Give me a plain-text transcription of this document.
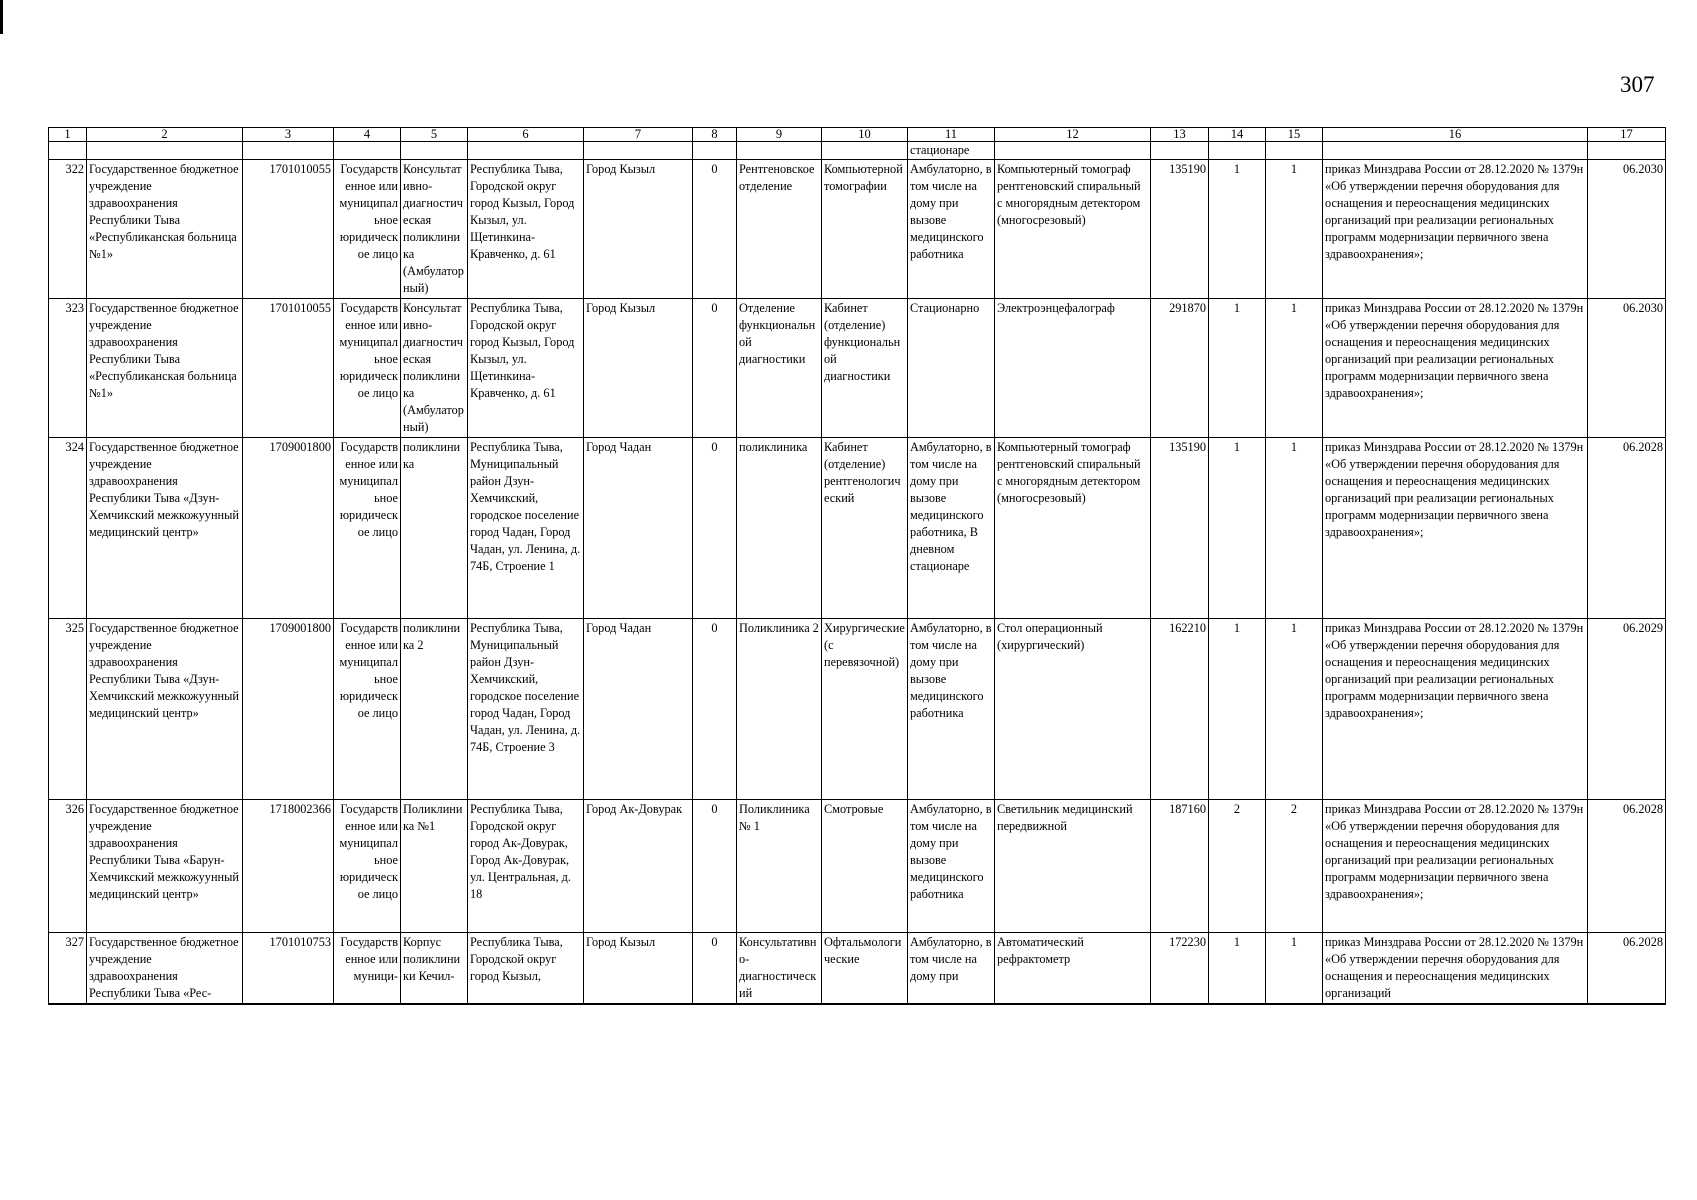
307
1	2	3	4	5	6	7	8	9	10	11	12	13	14	15	16	17
										стационаре						
322	Государственное бюджетное учреждение здравоохранения Республики Тыва «Республиканская больница №1»	1701010055	Государственное или муниципальное юридическое лицо	Консультативно-диагностическая поликлиника (Амбулаторный)	Республика Тыва, Городской округ город Кызыл, Город Кызыл, ул. Щетинкина-Кравченко, д. 61	Город Кызыл	0	Рентгеновское отделение	Компьютерной томографии	Амбулаторно, в том числе на дому при вызове медицинского работника	Компьютерный томограф рентгеновский спиральный с многорядным детектором (многосрезовый)	135190	1	1	приказ Минздрава России от 28.12.2020 № 1379н «Об утверждении перечня оборудования для оснащения и переоснащения медицинских организаций при реализации региональных программ модернизации первичного звена здравоохранения»;	06.2030
323	Государственное бюджетное учреждение здравоохранения Республики Тыва «Республиканская больница №1»	1701010055	Государственное или муниципальное юридическое лицо	Консультативно-диагностическая поликлиника (Амбулаторный)	Республика Тыва, Городской округ город Кызыл, Город Кызыл, ул. Щетинкина-Кравченко, д. 61	Город Кызыл	0	Отделение функциональной диагностики	Кабинет (отделение) функциональной диагностики	Стационарно	Электроэнцефалограф	291870	1	1	приказ Минздрава России от 28.12.2020 № 1379н «Об утверждении перечня оборудования для оснащения и переоснащения медицинских организаций при реализации региональных программ модернизации первичного звена здравоохранения»;	06.2030
324	Государственное бюджетное учреждение здравоохранения Республики Тыва «Дзун-Хемчикский межкожуунный медицинский центр»	1709001800	Государственное или муниципальное юридическое лицо	поликлиника	Республика Тыва, Муниципальный район Дзун-Хемчикский, городское поселение город Чадан, Город Чадан, ул. Ленина, д. 74Б, Строение 1	Город Чадан	0	поликлиника	Кабинет (отделение) рентгенологический	Амбулаторно, в том числе на дому при вызове медицинского работника, В дневном стационаре	Компьютерный томограф рентгеновский спиральный с многорядным детектором (многосрезовый)	135190	1	1	приказ Минздрава России от 28.12.2020 № 1379н «Об утверждении перечня оборудования для оснащения и переоснащения медицинских организаций при реализации региональных программ модернизации первичного звена здравоохранения»;	06.2028
325	Государственное бюджетное учреждение здравоохранения Республики Тыва «Дзун-Хемчикский межкожуунный медицинский центр»	1709001800	Государственное или муниципальное юридическое лицо	поликлиника 2	Республика Тыва, Муниципальный район Дзун-Хемчикский, городское поселение город Чадан, Город Чадан, ул. Ленина, д. 74Б, Строение 3	Город Чадан	0	Поликлиника 2	Хирургические (с перевязочной)	Амбулаторно, в том числе на дому при вызове медицинского работника	Стол операционный (хирургический)	162210	1	1	приказ Минздрава России от 28.12.2020 № 1379н «Об утверждении перечня оборудования для оснащения и переоснащения медицинских организаций при реализации региональных программ модернизации первичного звена здравоохранения»;	06.2029
326	Государственное бюджетное учреждение здравоохранения Республики Тыва «Барун-Хемчикский межкожуунный медицинский центр»	1718002366	Государственное или муниципальное юридическое лицо	Поликлиника №1	Республика Тыва, Городской округ город Ак-Довурак, Город Ак-Довурак, ул. Центральная, д. 18	Город Ак-Довурак	0	Поликлиника № 1	Смотровые	Амбулаторно, в том числе на дому при вызове медицинского работника	Светильник медицинский передвижной	187160	2	2	приказ Минздрава России от 28.12.2020 № 1379н «Об утверждении перечня оборудования для оснащения и переоснащения медицинских организаций при реализации региональных программ модернизации первичного звена здравоохранения»;	06.2028
327	Государственное бюджетное учреждение здравоохранения Республики Тыва «Рес-	1701010753	Государственное или муници-	Корпус поликлиники Кечил-	Республика Тыва, Городской округ город Кызыл,	Город Кызыл	0	Консультативно-диагностический	Офтальмологические	Амбулаторно, в том числе на дому при	Автоматический рефрактометр	172230	1	1	приказ Минздрава России от 28.12.2020 № 1379н «Об утверждении перечня оборудования для оснащения и переоснащения медицинских организаций	06.2028
